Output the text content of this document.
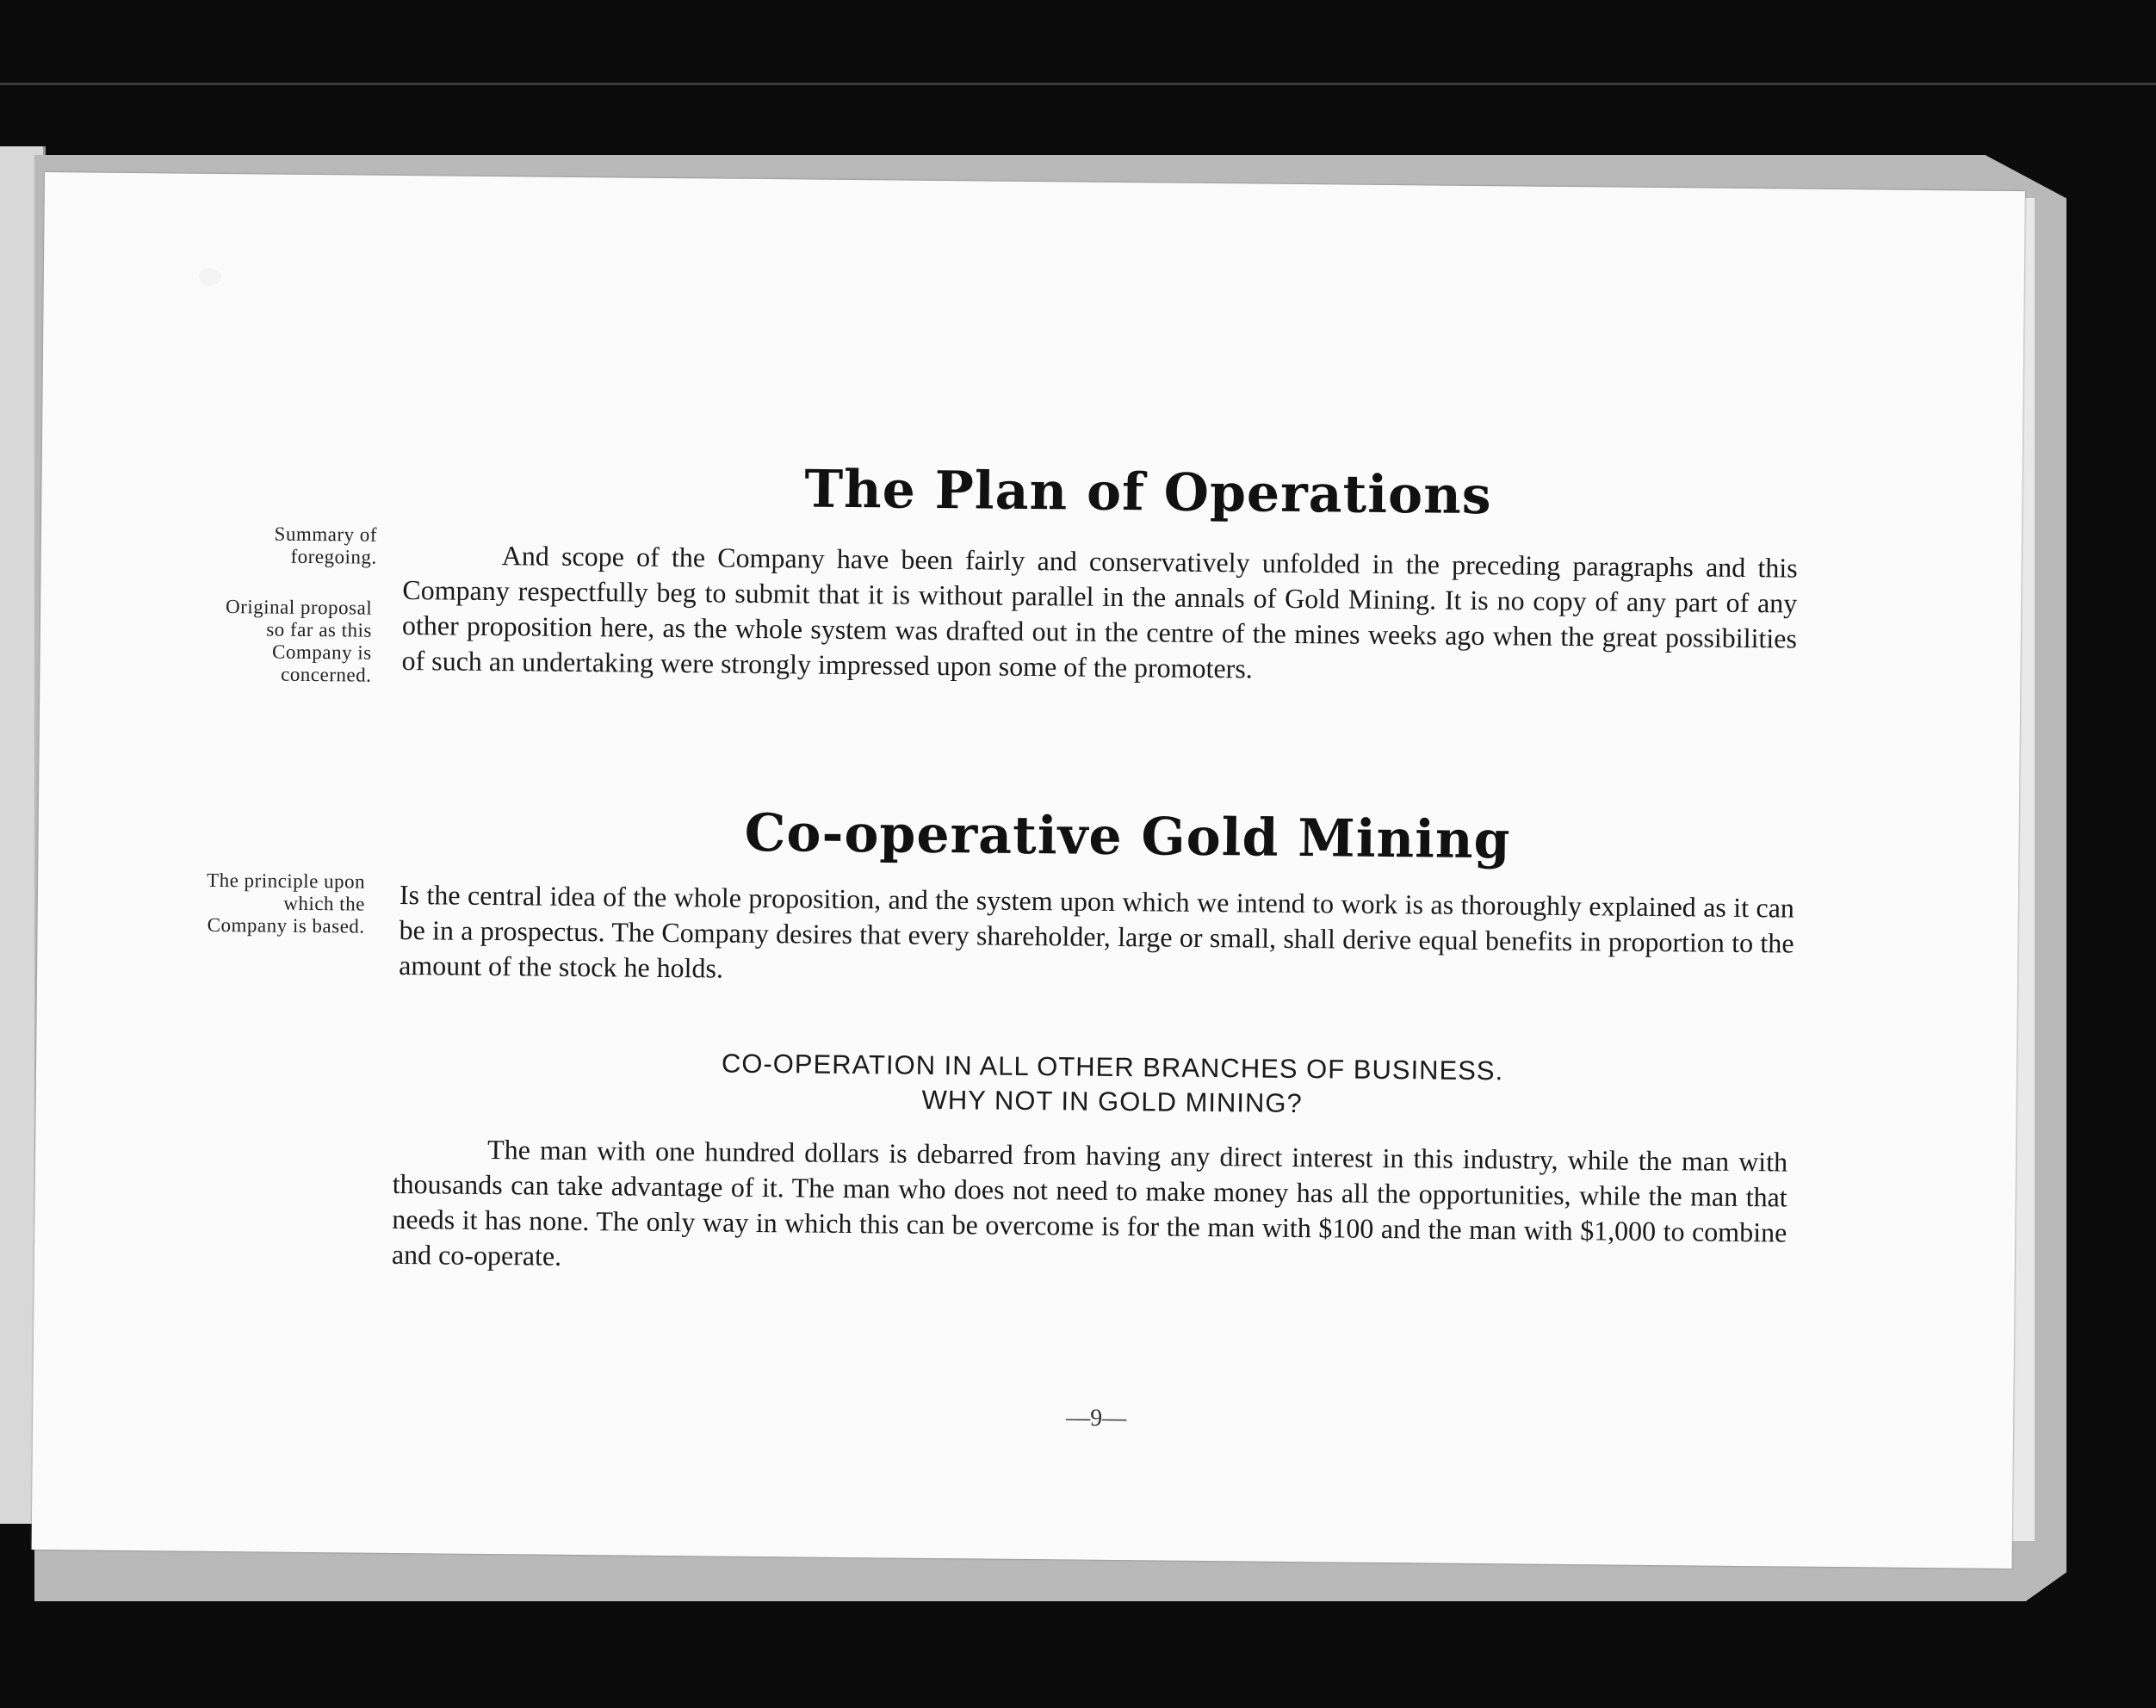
The Plan of Operations
Summary of foregoing.
Original proposal so far as this Company is concerned.

And scope of the Company have been fairly and conservatively unfolded in the preceding paragraphs and this Company respectfully beg to submit that it is without parallel in the annals of Gold Mining. It is no copy of any part of any other proposition here, as the whole system was drafted out in the centre of the mines weeks ago when the great possibilities of such an undertaking were strongly impressed upon some of the promoters.

Co-operative Gold Mining
The principle upon which the Company is based.

Is the central idea of the whole proposition, and the system upon which we intend to work is as thoroughly explained as it can be in a prospectus. The Company desires that every shareholder, large or small, shall derive equal benefits in proportion to the amount of the stock he holds.

CO-OPERATION IN ALL OTHER BRANCHES OF BUSINESS.

WHY NOT IN GOLD MINING?

The man with one hundred dollars is debarred from having any direct interest in this industry, while the man with thousands can take advantage of it. The man who does not need to make money has all the opportunities, while the man that needs it has none. The only way in which this can be overcome is for the man with $100 and the man with $1,000 to combine and co-operate.

—9—
